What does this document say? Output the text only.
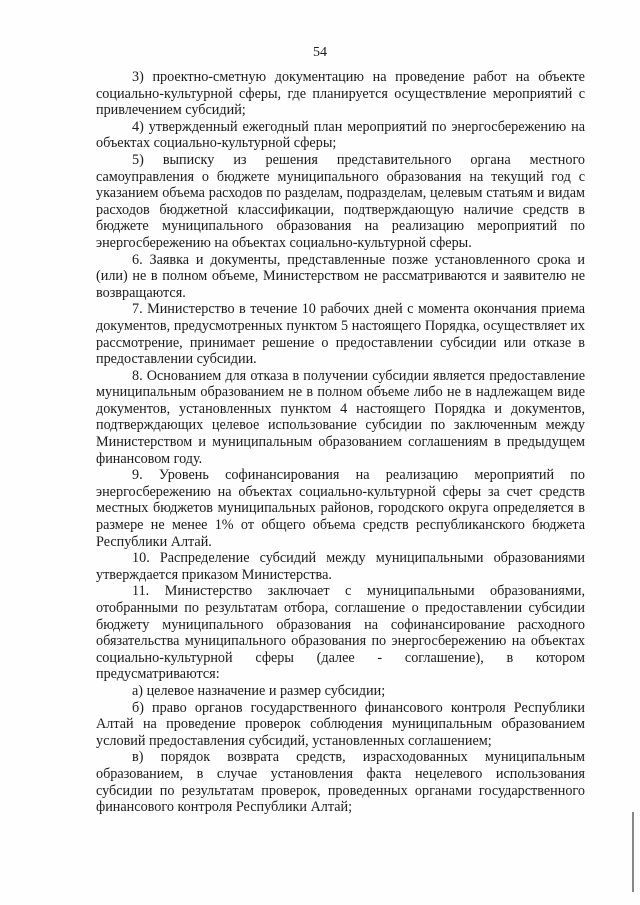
54

3) проектно-сметную документацию на проведение работ на объекте социально-культурной сферы, где планируется осуществление мероприятий с привлечением субсидий;

4) утвержденный ежегодный план мероприятий по энергосбережению на объектах социально-культурной сферы;

5) выписку из решения представительного органа местного самоуправления о бюджете муниципального образования на текущий год с указанием объема расходов по разделам, подразделам, целевым статьям и видам расходов бюджетной классификации, подтверждающую наличие средств в бюджете муниципального образования на реализацию мероприятий по энергосбережению на объектах социально-культурной сферы.

6. Заявка и документы, представленные позже установленного срока и (или) не в полном объеме, Министерством не рассматриваются и заявителю не возвращаются.

7. Министерство в течение 10 рабочих дней с момента окончания приема документов, предусмотренных пунктом 5 настоящего Порядка, осуществляет их рассмотрение, принимает решение о предоставлении субсидии или отказе в предоставлении субсидии.

8. Основанием для отказа в получении субсидии является предоставление муниципальным образованием не в полном объеме либо не в надлежащем виде документов, установленных пунктом 4 настоящего Порядка и документов, подтверждающих целевое использование субсидии по заключенным между Министерством и муниципальным образованием соглашениям в предыдущем финансовом году.

9. Уровень софинансирования на реализацию мероприятий по энергосбережению на объектах социально-культурной сферы за счет средств местных бюджетов муниципальных районов, городского округа определяется в размере не менее 1% от общего объема средств республиканского бюджета Республики Алтай.

10. Распределение субсидий между муниципальными образованиями утверждается приказом Министерства.

11. Министерство заключает с муниципальными образованиями, отобранными по результатам отбора, соглашение о предоставлении субсидии бюджету муниципального образования на софинансирование расходного обязательства муниципального образования по энергосбережению на объектах социально-культурной сферы (далее - соглашение), в котором предусматриваются:

а) целевое назначение и размер субсидии;

б) право органов государственного финансового контроля Республики Алтай на проведение проверок соблюдения муниципальным образованием условий предоставления субсидий, установленных соглашением;

в) порядок возврата средств, израсходованных муниципальным образованием, в случае установления факта нецелевого использования субсидии по результатам проверок, проведенных органами государственного финансового контроля Республики Алтай;
